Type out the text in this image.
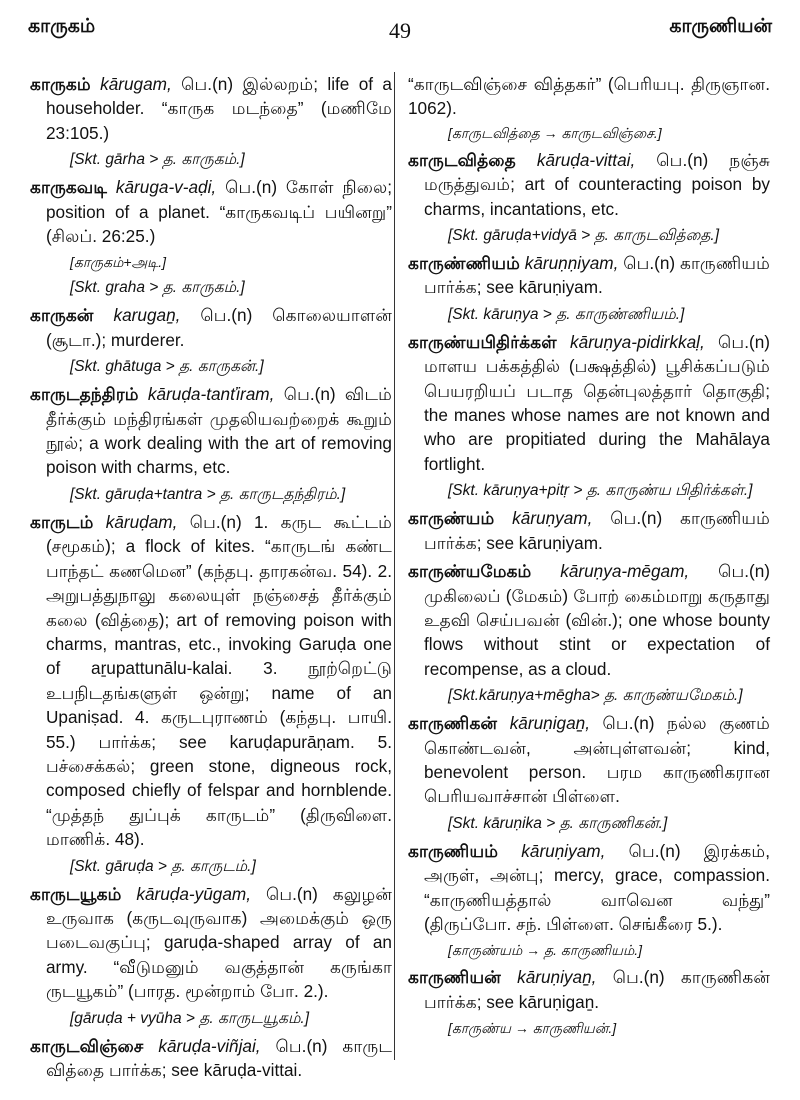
காருகம்	49	காருணியன்
காருகம் kārugam, பெ.(n) இல்லறம்; life of a householder. “காருக மடந்தை” (மணிமே 23:105.)
[Skt. gārha > த. காருகம்.]
காருகவடி kāruga-v-aḍi, பெ.(n) கோள் நிலை; position of a planet. “காருகவடிப் பயினறு” (சிலப். 26:25.)
[காருகம்+அடி.]
[Skt. graha > த. காருகம்.]
காருகன் karugaṉ, பெ.(n) கொலையாளன் (சூடா.); murderer.
[Skt. ghātuga > த. காருகன்.]
காருடதந்திரம் kāruḍa-tanťiram, பெ.(n) விடம் தீர்க்கும் மந்திரங்கள் முதலியவற்றைக் கூறும் நூல்; a work dealing with the art of removing poison with charms, etc.
[Skt. gāruḍa+tantra > த. காருடதந்திரம்.]
காருடம் kāruḍam, பெ.(n) 1. கருட கூட்டம் (சமூகம்); a flock of kites. “காருடங் கண்ட பாந்தட் கணமென” (கந்தபு. தாரகன்வ. 54). 2. அறுபத்துநாலு கலையுள் நஞ்சைத் தீர்க்கும் கலை (வித்தை); art of removing poison with charms, mantras, etc., invoking Garuḍa one of aṟupattunālu-kalai. 3. நூற்றெட்டு உபநிடதங்களுள் ஒன்று; name of an Upaniṣad. 4. கருடபுராணம் (கந்தபு. பாயி. 55.) பார்க்க; see karuḍapurāṇam. 5. பச்சைக்கல்; green stone, digneous rock, composed chiefly of felspar and hornblende. “முத்தந் துப்புக் காருடம்” (திருவிளை. மாணிக். 48).
[Skt. gāruḍa > த. காருடம்.]
காருடயூகம் kāruḍa-yūgam, பெ.(n) கலுழன் உருவாக (கருடவுருவாக) அமைக்கும் ஒரு படைவகுப்பு; garuḍa-shaped array of an army. “வீடுமனும் வகுத்தான் கருங்கா ருடயூகம்” (பாரத. மூன்றாம் போ. 2.).
[gāruḍa + vyūha > த. காருடயூகம்.]
காருடவிஞ்சை kāruḍa-viñjai, பெ.(n) காருட வித்தை பார்க்க; see kāruḍa-vittai.
“காருடவிஞ்சை வித்தகர்” (பெரியபு. திருஞான. 1062).
[காருடவித்தை → காருடவிஞ்சை.]
காருடவித்தை kāruḍa-vittai, பெ.(n) நஞ்சு மருத்துவம்; art of counteracting poison by charms, incantations, etc.
[Skt. gāruḍa+vidyā > த. காருடவித்தை.]
காருண்ணியம் kāruṇṇiyam, பெ.(n) காருணியம் பார்க்க; see kāruṇiyam.
[Skt. kāruṇya > த. காருண்ணியம்.]
காருண்யபிதிர்க்கள் kāruṇya-pidirkkaḷ, பெ.(n) மாளய பக்கத்தில் (பக்ஷத்தில்) பூசிக்கப்படும் பெயரறியப் படாத தென்புலத்தார் தொகுதி; the manes whose names are not known and who are propitiated during the Mahālaya fortlight.
[Skt. kāruṇya+pitṛ > த. காருண்ய பிதிர்க்கள்.]
காருண்யம் kāruṇyam, பெ.(n) காருணியம் பார்க்க; see kāruṇiyam.
காருண்யமேகம் kāruṇya-mēgam, பெ.(n) முகிலைப் (மேகம்) போற் கைம்மாறு கருதாது உதவி செய்பவன் (வின்.); one whose bounty flows without stint or expectation of recompense, as a cloud.
[Skt.kāruṇya+mēgha> த. காருண்யமேகம்.]
காருணிகன் kāruṇigaṉ, பெ.(n) நல்ல குணம் கொண்டவன், அன்புள்ளவன்; kind, benevolent person. பரம காருணிகரான பெரியவாச்சான் பிள்ளை.
[Skt. kāruṇika > த. காருணிகன்.]
காருணியம் kāruṇiyam, பெ.(n) இரக்கம், அருள், அன்பு; mercy, grace, compassion. “காருணியத்தால் வாவென வந்து” (திருப்போ. சந். பிள்ளை. செங்கீரை 5.).
[காருண்யம் → த. காருணியம்.]
காருணியன் kāruṇiyaṉ, பெ.(n) காருணிகன் பார்க்க; see kāruṇigaṉ.
[காருண்ய → காருணியன்.]
